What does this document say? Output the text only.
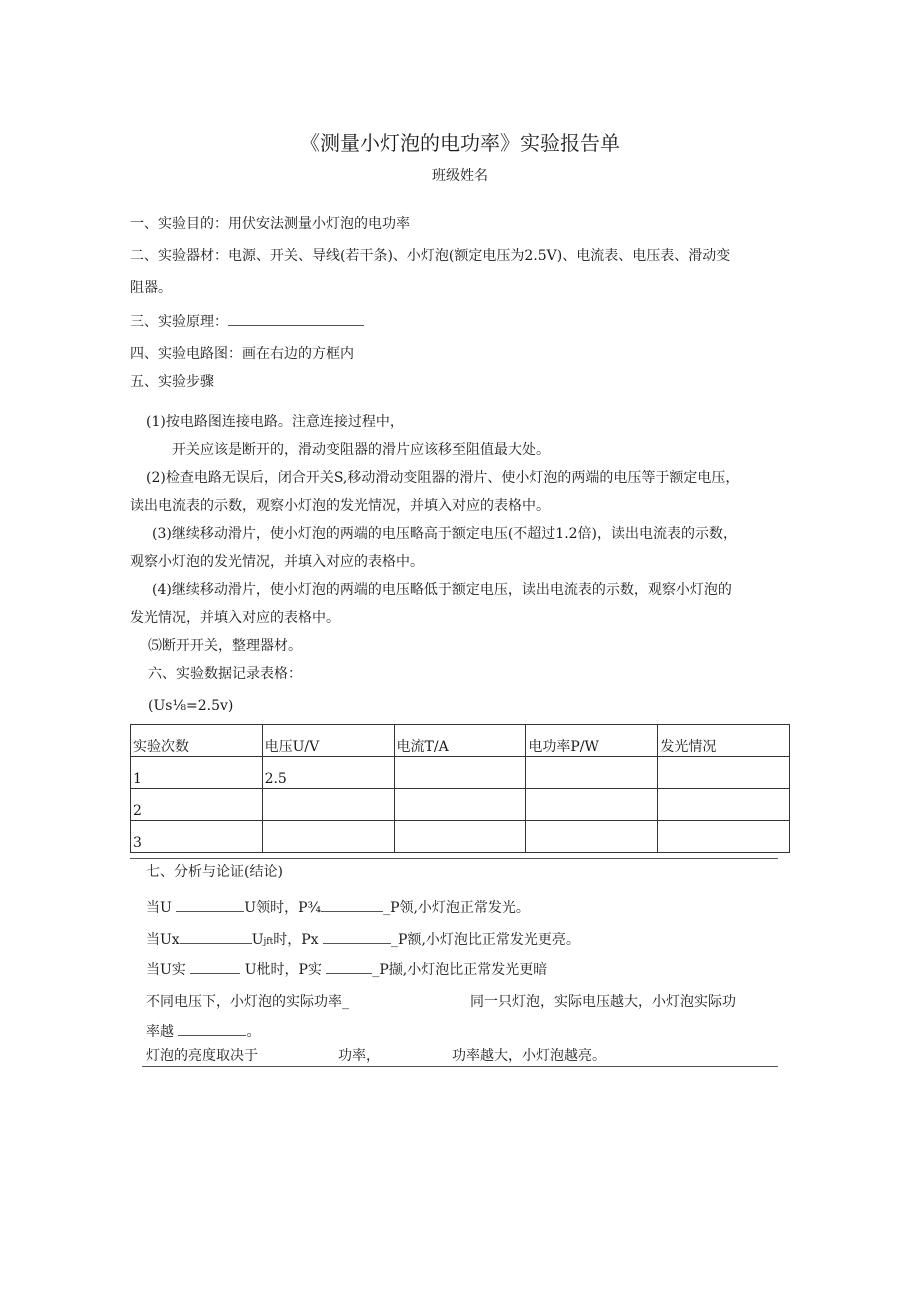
《测量小灯泡的电功率》实验报告单
班级姓名
一、实验目的：用伏安法测量小灯泡的电功率
二、实验器材：电源、开关、导线(若干条)、小灯泡(额定电压为2.5V)、电流表、电压表、滑动变
阻器。
三、实验原理：
四、实验电路图：画在右边的方框内
五、实验步骤
(1)按电路图连接电路。注意连接过程中，
开关应该是断开的，滑动变阻器的滑片应该移至阻值最大处。
(2)检查电路无误后，闭合开关S,移动滑动变阻器的滑片、使小灯泡的两端的电压等于额定电压，
读出电流表的示数，观察小灯泡的发光情况，并填入对应的表格中。
(3)继续移动滑片，使小灯泡的两端的电压略高于额定电压(不超过1.2倍)，读出电流表的示数，
观察小灯泡的发光情况，并填入对应的表格中。
(4)继续移动滑片，使小灯泡的两端的电压略低于额定电压，读出电流表的示数，观察小灯泡的
发光情况，并填入对应的表格中。
⑸断开开关，整理器材。
六、实验数据记录表格：
(Us⅛=2.5v)
实验次数	电压U/V	电流T/A	电功率P/W	发光情况
1	2.5			
2				
3				
七、分析与论证(结论)
当U	U领时，P¾	_P领,小灯泡正常发光。
当Ux	Ujft时，Px	_P额,小灯泡比正常发光更亮。
当U实	U枇时，P实	_P撷,小灯泡比正常发光更暗
不同电压下，小灯泡的实际功率_	同一只灯泡，实际电压越大，小灯泡实际功
率越	。
灯泡的亮度取决于	功率，	功率越大，小灯泡越亮。
